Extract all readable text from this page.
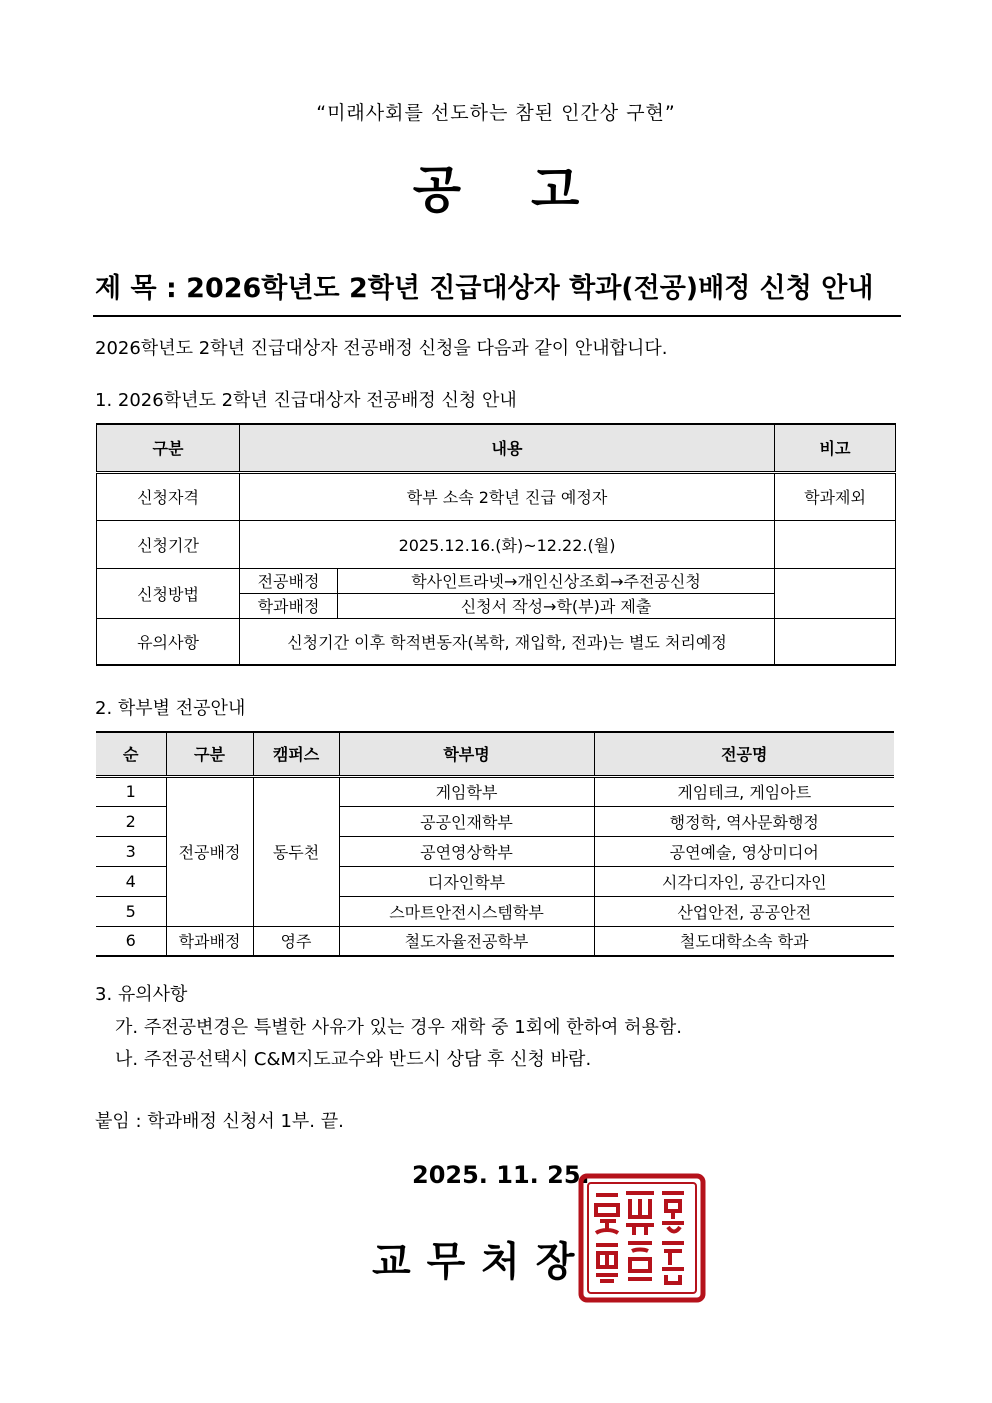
“미래사회를 선도하는 참된 인간상 구현”
공 고
제 목 : 2026학년도 2학년 진급대상자 학과(전공)배정 신청 안내
2026학년도 2학년 진급대상자 전공배정 신청을 다음과 같이 안내합니다.
1. 2026학년도 2학년 진급대상자 전공배정 신청 안내
구분	내용		비고
신청자격	학부 소속 2학년 진급 예정자		학과제외
신청기간	2025.12.16.(화)~12.22.(월)		
신청방법	전공배정	학사인트라넷→개인신상조회→주전공신청	
	학과배정	신청서 작성→학(부)과 제출	
유의사항	신청기간 이후 학적변동자(복학, 재입학, 전과)는 별도 처리예정		
2. 학부별 전공안내
순	구분	캠퍼스	학부명	전공명
1	전공배정	동두천	게임학부	게임테크, 게임아트
2			공공인재학부	행정학, 역사문화행정
3			공연영상학부	공연예술, 영상미디어
4			디자인학부	시각디자인, 공간디자인
5			스마트안전시스템학부	산업안전, 공공안전
6	학과배정	영주	철도자율전공학부	철도대학소속 학과
3. 유의사항
가. 주전공변경은 특별한 사유가 있는 경우 재학 중 1회에 한하여 허용함.
나. 주전공선택시 C&M지도교수와 반드시 상담 후 신청 바람.
붙임 : 학과배정 신청서 1부. 끝.
2025. 11. 25.
교 무 처 장
